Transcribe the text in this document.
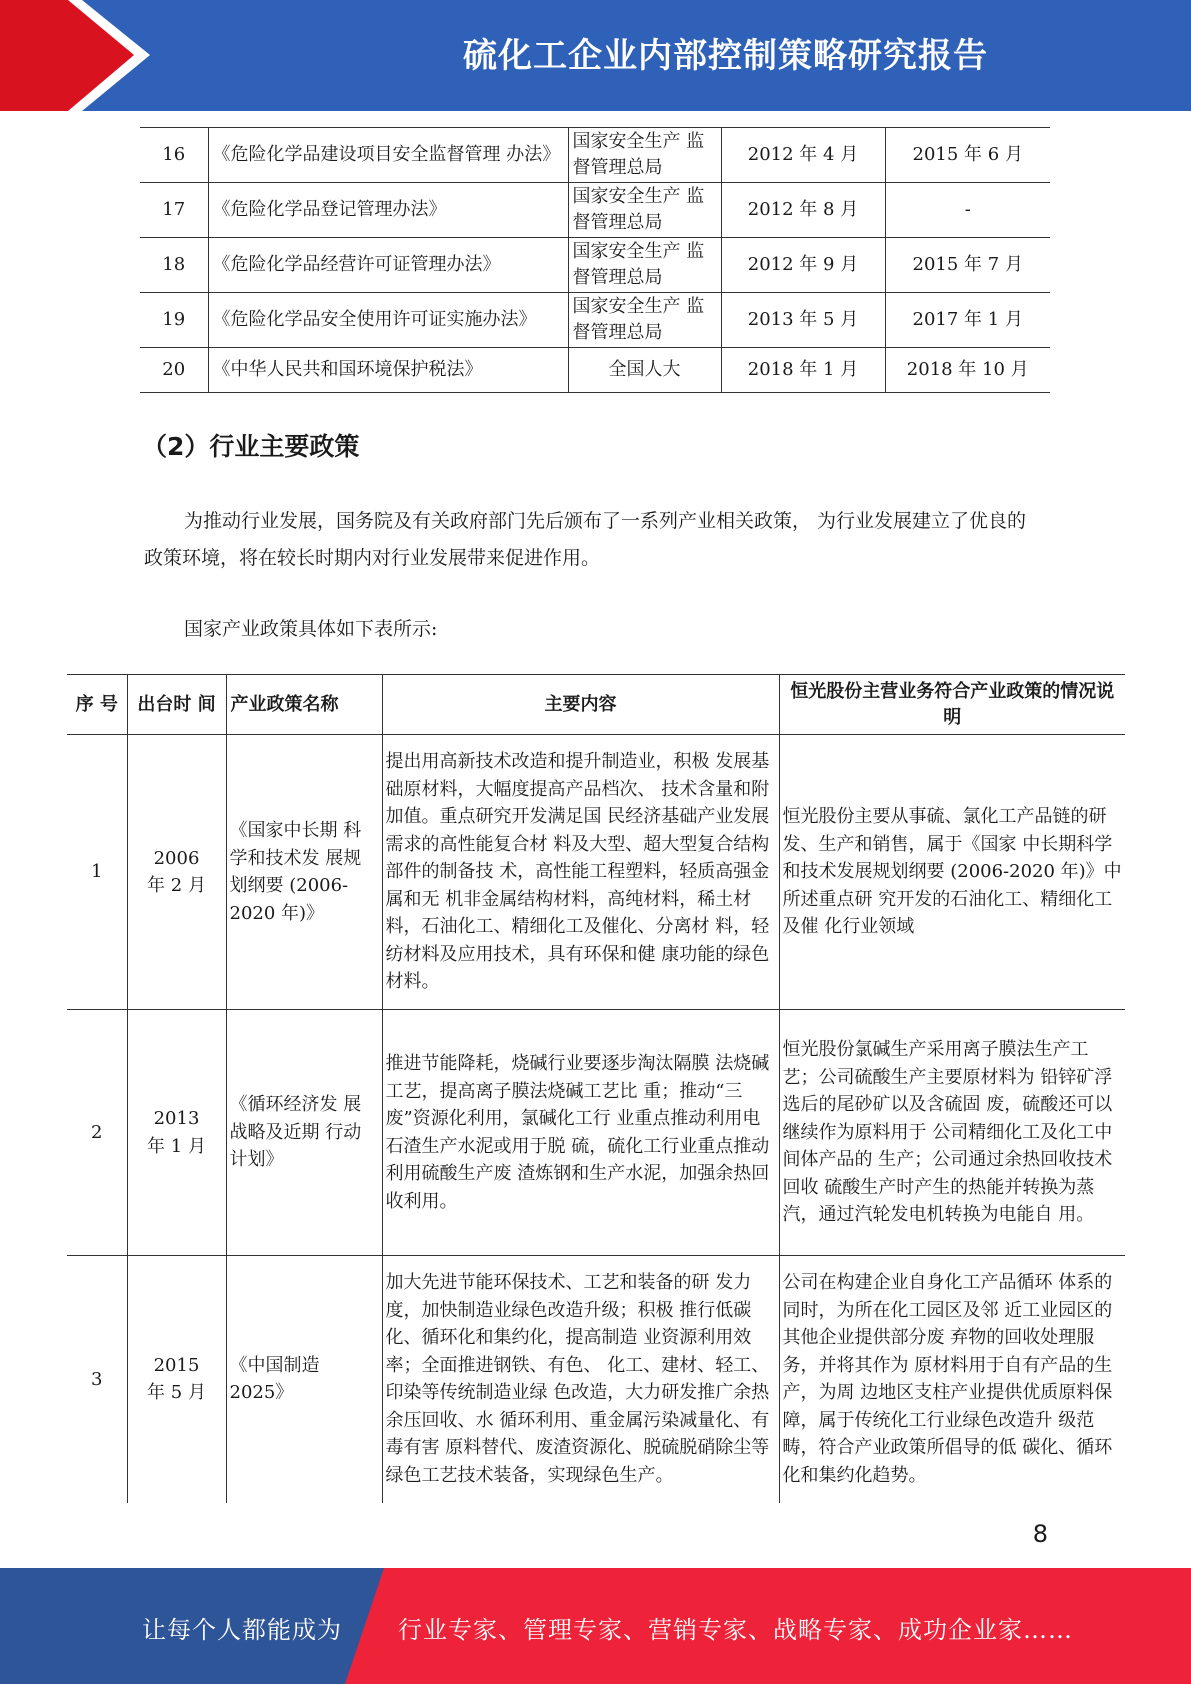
硫化工企业内部控制策略研究报告
16	《危险化学品建设项目安全监督管理 办法》	国家安全生产 监督管理总局	2012 年 4 月	2015 年 6 月
17	《危险化学品登记管理办法》	国家安全生产 监督管理总局	2012 年 8 月	-
18	《危险化学品经营许可证管理办法》	国家安全生产 监督管理总局	2012 年 9 月	2015 年 7 月
19	《危险化学品安全使用许可证实施办法》	国家安全生产 监督管理总局	2013 年 5 月	2017 年 1 月
20	《中华人民共和国环境保护税法》	全国人大	2018 年 1 月	2018 年 10 月
（2）行业主要政策
为推动行业发展，国务院及有关政府部门先后颁布了一系列产业相关政策， 为行业发展建立了优良的政策环境，将在较长时期内对行业发展带来促进作用。
国家产业政策具体如下表所示:
序 号	出台时 间	产业政策名称	主要内容	恒光股份主营业务符合产业政策的情况说明
1	2006 年 2 月	《国家中长期 科学和技术发 展规划纲要 (2006-2020 年)》	提出用高新技术改造和提升制造业，积极 发展基础原材料，大幅度提高产品档次、 技术含量和附加值。重点研究开发满足国 民经济基础产业发展需求的高性能复合材 料及大型、超大型复合结构部件的制备技 术，高性能工程塑料，轻质高强金属和无 机非金属结构材料，高纯材料，稀土材 料，石油化工、精细化工及催化、分离材 料，轻纺材料及应用技术，具有环保和健 康功能的绿色材料。	恒光股份主要从事硫、氯化工产品链的研发、生产和销售，属于《国家 中长期科学和技术发展规划纲要 (2006-2020 年)》中所述重点研 究开发的石油化工、精细化工及催 化行业领域
2	2013 年 1 月	《循环经济发 展战略及近期 行动计划》	推进节能降耗，烧碱行业要逐步淘汰隔膜 法烧碱工艺，提高离子膜法烧碱工艺比 重；推动“三废”资源化利用，氯碱化工行 业重点推动利用电石渣生产水泥或用于脱 硫，硫化工行业重点推动利用硫酸生产废 渣炼钢和生产水泥，加强余热回收利用。	恒光股份氯碱生产采用离子膜法生产工艺；公司硫酸生产主要原材料为 铅锌矿浮选后的尾砂矿以及含硫固 废，硫酸还可以继续作为原料用于 公司精细化工及化工中间体产品的 生产；公司通过余热回收技术回收 硫酸生产时产生的热能并转换为蒸 汽，通过汽轮发电机转换为电能自 用。
3	2015 年 5 月	《中国制造 2025》	加大先进节能环保技术、工艺和装备的研 发力度，加快制造业绿色改造升级；积极 推行低碳化、循环化和集约化，提高制造 业资源利用效率；全面推进钢铁、有色、 化工、建材、轻工、印染等传统制造业绿 色改造，大力研发推广余热余压回收、水 循环利用、重金属污染减量化、有毒有害 原料替代、废渣资源化、脱硫脱硝除尘等 绿色工艺技术装备，实现绿色生产。	公司在构建企业自身化工产品循环 体系的同时，为所在化工园区及邻 近工业园区的其他企业提供部分废 弃物的回收处理服务，并将其作为 原材料用于自有产品的生产，为周 边地区支柱产业提供优质原料保 障，属于传统化工行业绿色改造升 级范畴，符合产业政策所倡导的低 碳化、循环化和集约化趋势。
8
让每个人都能成为 行业专家、管理专家、营销专家、战略专家、成功企业家……
